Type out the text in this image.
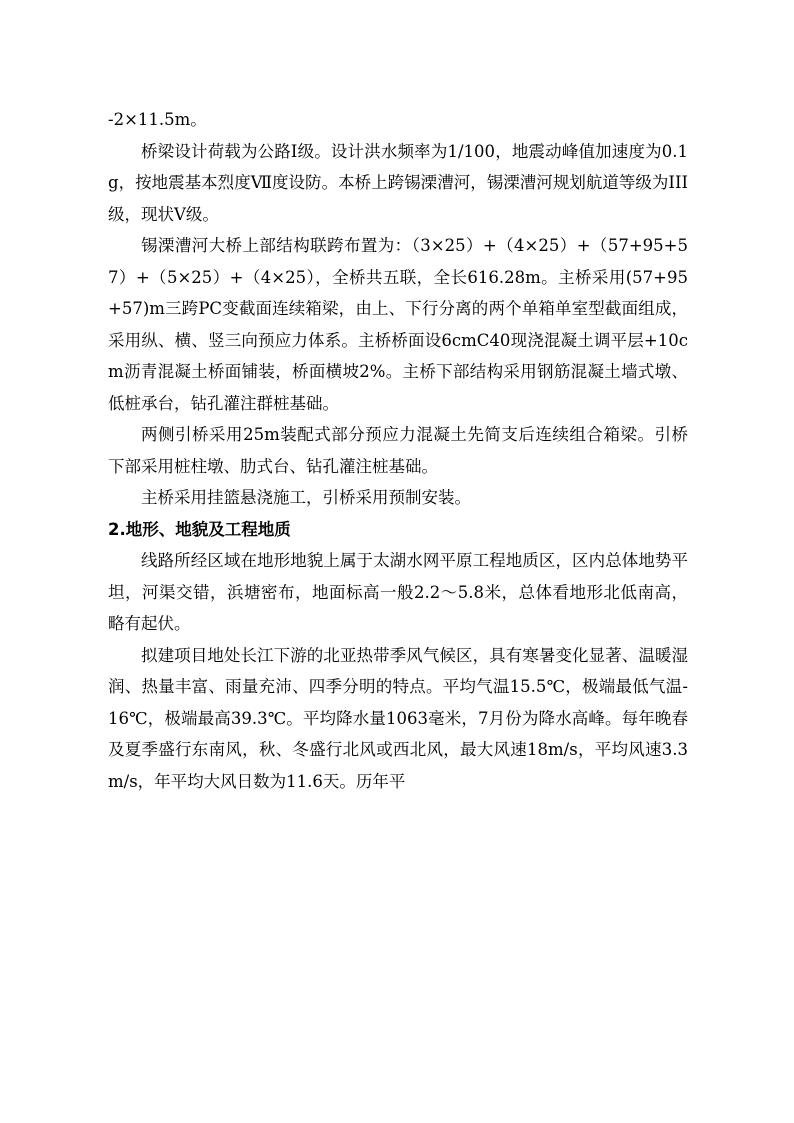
-2×11.5m。

桥梁设计荷载为公路Ⅰ级。设计洪水频率为1/100，地震动峰值加速度为0.1g，按地震基本烈度Ⅶ度设防。本桥上跨锡溧漕河，锡溧漕河规划航道等级为III级，现状Ⅴ级。

锡溧漕河大桥上部结构联跨布置为：（3×25）+（4×25）+（57+95+57）+（5×25）+（4×25），全桥共五联，全长616.28m。主桥采用(57+95+57)m三跨PC变截面连续箱梁，由上、下行分离的两个单箱单室型截面组成，采用纵、横、竖三向预应力体系。主桥桥面设6cmC40现浇混凝土调平层+10cm沥青混凝土桥面铺装，桥面横坡2%。主桥下部结构采用钢筋混凝土墙式墩、低桩承台，钻孔灌注群桩基础。

两侧引桥采用25m装配式部分预应力混凝土先简支后连续组合箱梁。引桥下部采用桩柱墩、肋式台、钻孔灌注桩基础。

主桥采用挂篮悬浇施工，引桥采用预制安装。

2.地形、地貌及工程地质

线路所经区域在地形地貌上属于太湖水网平原工程地质区，区内总体地势平坦，河渠交错，浜塘密布，地面标高一般2.2～5.8米，总体看地形北低南高，略有起伏。

拟建项目地处长江下游的北亚热带季风气候区，具有寒暑变化显著、温暖湿润、热量丰富、雨量充沛、四季分明的特点。平均气温15.5℃，极端最低气温-16℃，极端最高39.3℃。平均降水量1063毫米，7月份为降水高峰。每年晚春及夏季盛行东南风，秋、冬盛行北风或西北风，最大风速18m/s，平均风速3.3m/s，年平均大风日数为11.6天。历年平
